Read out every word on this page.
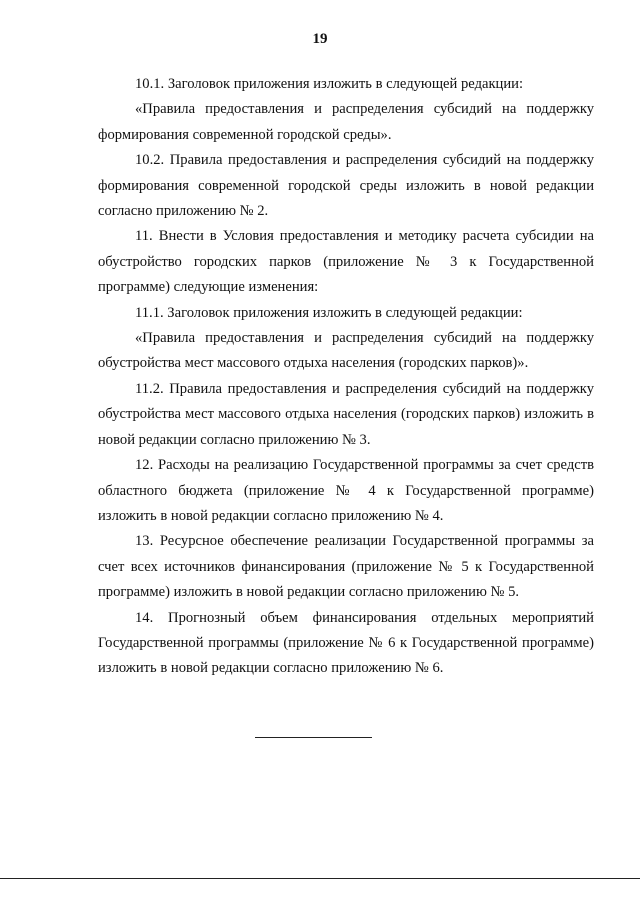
19

10.1. Заголовок приложения изложить в следующей редакции:

«Правила предоставления и распределения субсидий на поддержку формирования современной городской среды».

10.2. Правила предоставления и распределения субсидий на поддержку формирования современной городской среды изложить в новой редакции согласно приложению № 2.

11. Внести в Условия предоставления и методику расчета субсидии на обустройство городских парков (приложение № 3 к Государственной программе) следующие изменения:

11.1. Заголовок приложения изложить в следующей редакции:

«Правила предоставления и распределения субсидий на поддержку обустройства мест массового отдыха населения (городских парков)».

11.2. Правила предоставления и распределения субсидий на поддержку обустройства мест массового отдыха населения (городских парков) изложить в новой редакции согласно приложению № 3.

12. Расходы на реализацию Государственной программы за счет средств областного бюджета (приложение № 4 к Государственной программе) изложить в новой редакции согласно приложению № 4.

13. Ресурсное обеспечение реализации Государственной программы за счет всех источников финансирования (приложение № 5 к Государственной программе) изложить в новой редакции согласно приложению № 5.

14. Прогнозный объем финансирования отдельных мероприятий Государственной программы (приложение № 6 к Государственной программе) изложить в новой редакции согласно приложению № 6.
